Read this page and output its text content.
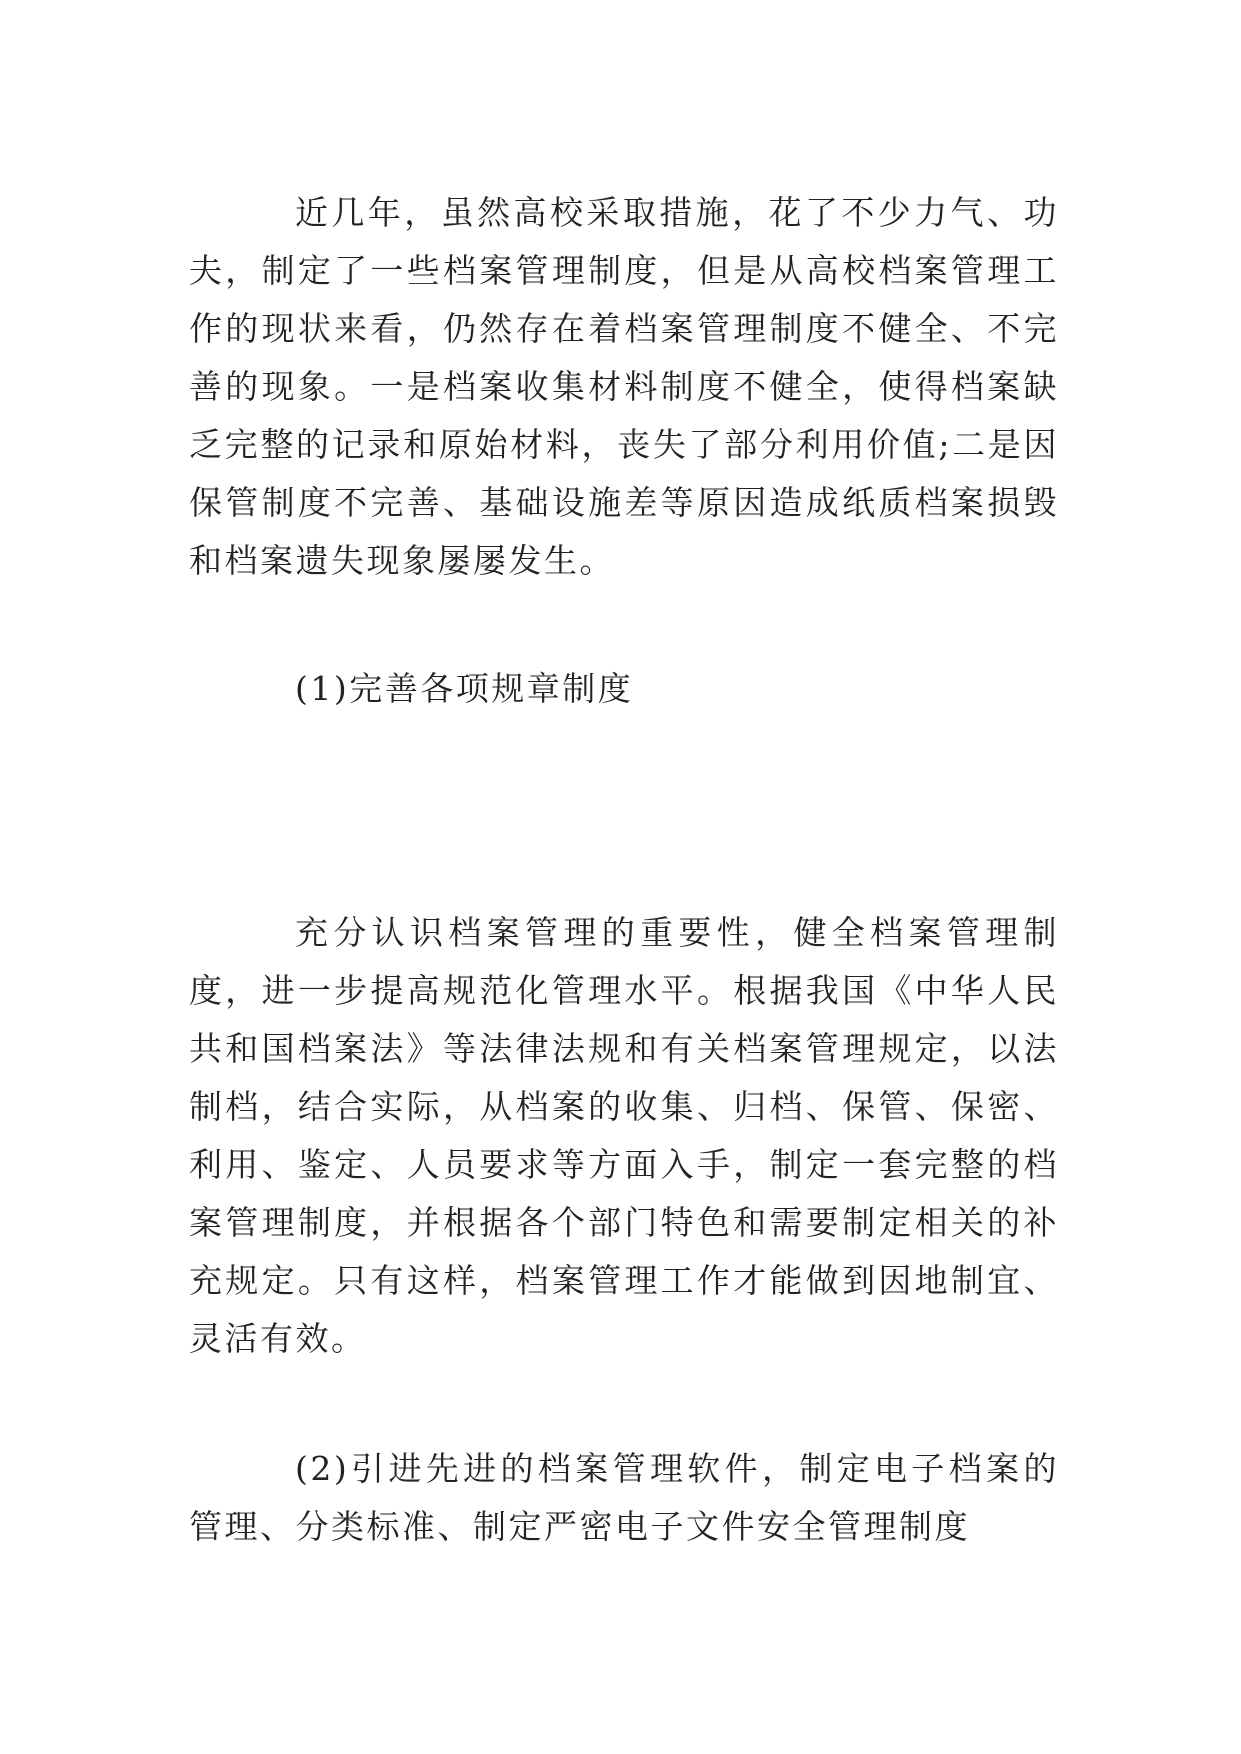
近几年，虽然高校采取措施，花了不少力气、功夫，制定了一些档案管理制度，但是从高校档案管理工作的现状来看，仍然存在着档案管理制度不健全、不完善的现象。一是档案收集材料制度不健全，使得档案缺乏完整的记录和原始材料，丧失了部分利用价值;二是因保管制度不完善、基础设施差等原因造成纸质档案损毁和档案遗失现象屡屡发生。

(1)完善各项规章制度

充分认识档案管理的重要性，健全档案管理制度，进一步提高规范化管理水平。根据我国《中华人民共和国档案法》等法律法规和有关档案管理规定，以法制档，结合实际，从档案的收集、归档、保管、保密、利用、鉴定、人员要求等方面入手，制定一套完整的档案管理制度，并根据各个部门特色和需要制定相关的补充规定。只有这样，档案管理工作才能做到因地制宜、灵活有效。

(2)引进先进的档案管理软件，制定电子档案的管理、分类标准、制定严密电子文件安全管理制度
